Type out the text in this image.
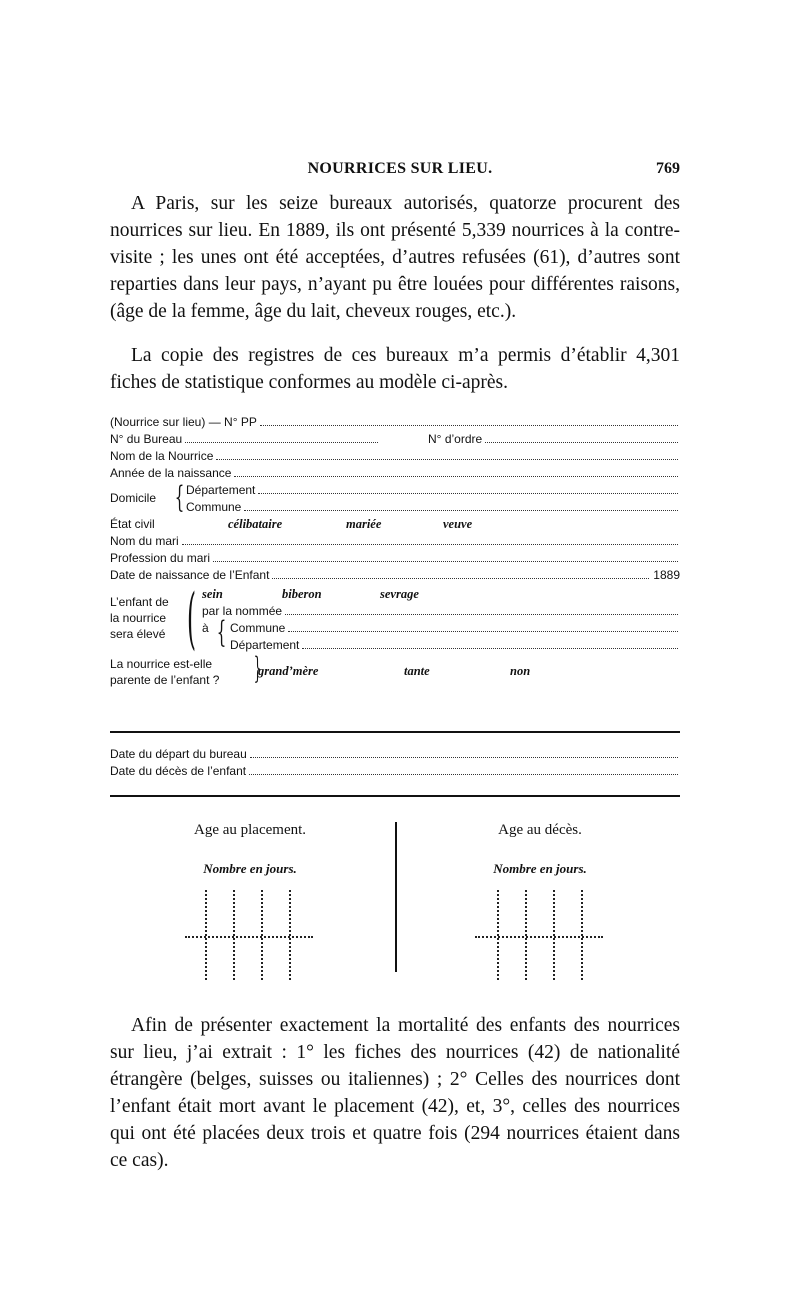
NOURRICES SUR LIEU.	769

A Paris, sur les seize bureaux autorisés, quatorze procurent des nourrices sur lieu. En 1889, ils ont présenté 5,339 nourrices à la contre-visite ; les unes ont été acceptées, d’autres refusées (61), d’autres sont reparties dans leur pays, n’ayant pu être louées pour différentes raisons, (âge de la femme, âge du lait, cheveux rouges, etc.).

La copie des registres de ces bureaux m’a permis d’établir 4,301 fiches de statistique conformes au modèle ci-après.

(Nourrice sur lieu) — N° PP
N° du Bureau	N° d’ordre
Nom de la Nourrice
Année de la naissance
Domicile { Département
Commune
État civil	célibataire	mariée	veuve
Nom du mari
Profession du mari
Date de naissance de l’Enfant	1889
L’enfant de
la nourrice
sera élevé ( sein	biberon	sevrage
par la nommée
à { Commune
Département
La nourrice est-elle
parente de l’enfant ? }
grand’mère	tante	non
Date du départ du bureau
Date du décès de l’enfant
Age au placement.
Nombre en jours.
Age au décès.
Nombre en jours.

Afin de présenter exactement la mortalité des enfants des nourrices sur lieu, j’ai extrait : 1° les fiches des nourrices (42) de nationalité étrangère (belges, suisses ou italiennes) ; 2° Celles des nourrices dont l’enfant était mort avant le placement (42), et, 3°, celles des nourrices qui ont été placées deux trois et quatre fois (294 nourrices étaient dans ce cas).
